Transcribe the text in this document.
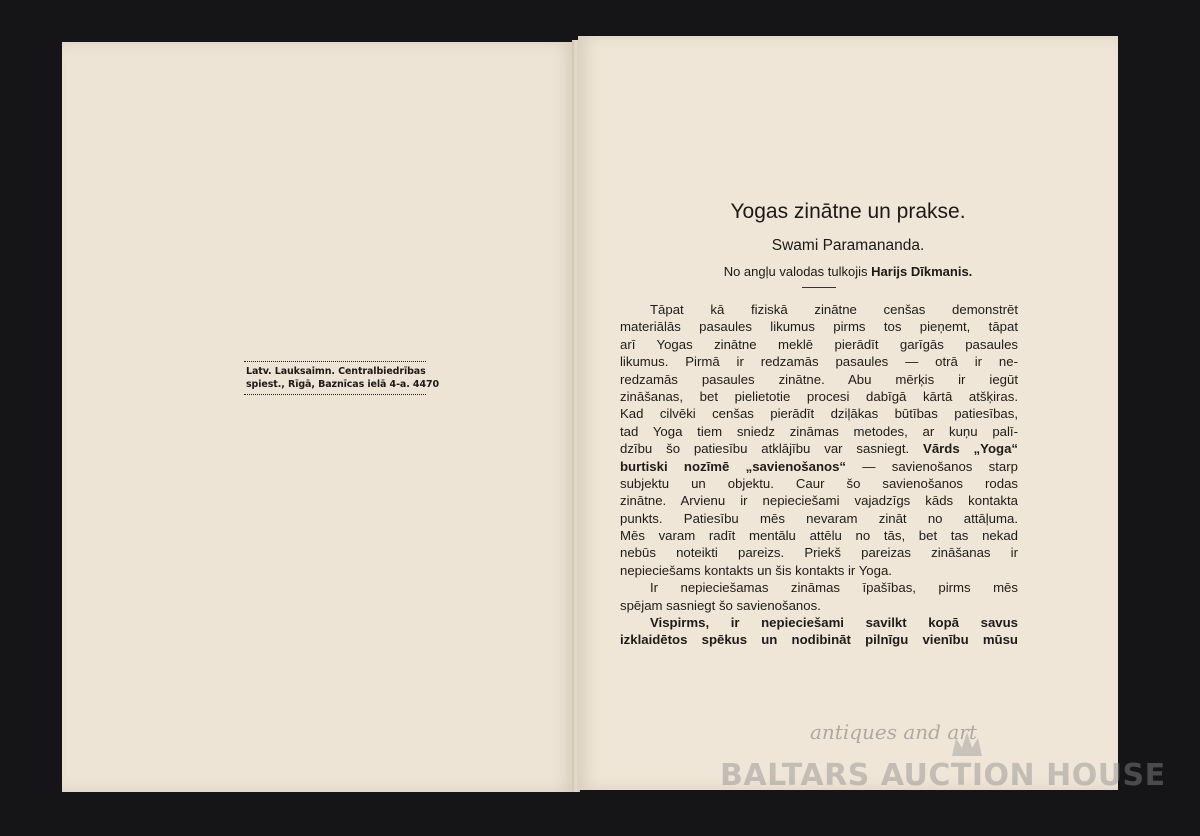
Latv. Lauksaimn. Centralbiedrības
spiest., Rīgā, Baznīcas ielā 4-a. 4470
Yogas zinātne un prakse.
Swami Paramananda.
No angļu valodas tulkojis Harijs Dīkmanis.
Tāpat kā fiziskā zinātne cenšas demonstrēt
materiālās pasaules likumus pirms tos pieņemt, tāpat
arī Yogas zinātne meklē pierādīt garīgās pasaules
likumus. Pirmā ir redzamās pasaules — otrā ir ne-
redzamās pasaules zinātne. Abu mērķis ir iegūt
zināšanas, bet pielietotie procesi dabīgā kārtā atšķiras.
Kad cilvēki cenšas pierādīt dziļākas būtības patiesības,
tad Yoga tiem sniedz zināmas metodes, ar kuņu palī-
dzību šo patiesību atklājību var sasniegt. Vārds „Yoga“
burtiski nozīmē „savienošanos“ — savienošanos starp
subjektu un objektu. Caur šo savienošanos rodas
zinātne. Arvienu ir nepieciešami vajadzīgs kāds kontakta
punkts. Patiesību mēs nevaram zināt no attāļuma.
Mēs varam radīt mentālu attēlu no tās, bet tas nekad
nebūs noteikti pareizs. Priekš pareizas zināšanas ir
nepieciešams kontakts un šis kontakts ir Yoga.
Ir nepieciešamas zināmas īpašības, pirms mēs
spējam sasniegt šo savienošanos.
Vispirms, ir nepieciešami savilkt kopā savus
izklaidētos spēkus un nodibināt pilnīgu vienību mūsu
antiques and art
BALTARS AUCTION HOUSE
